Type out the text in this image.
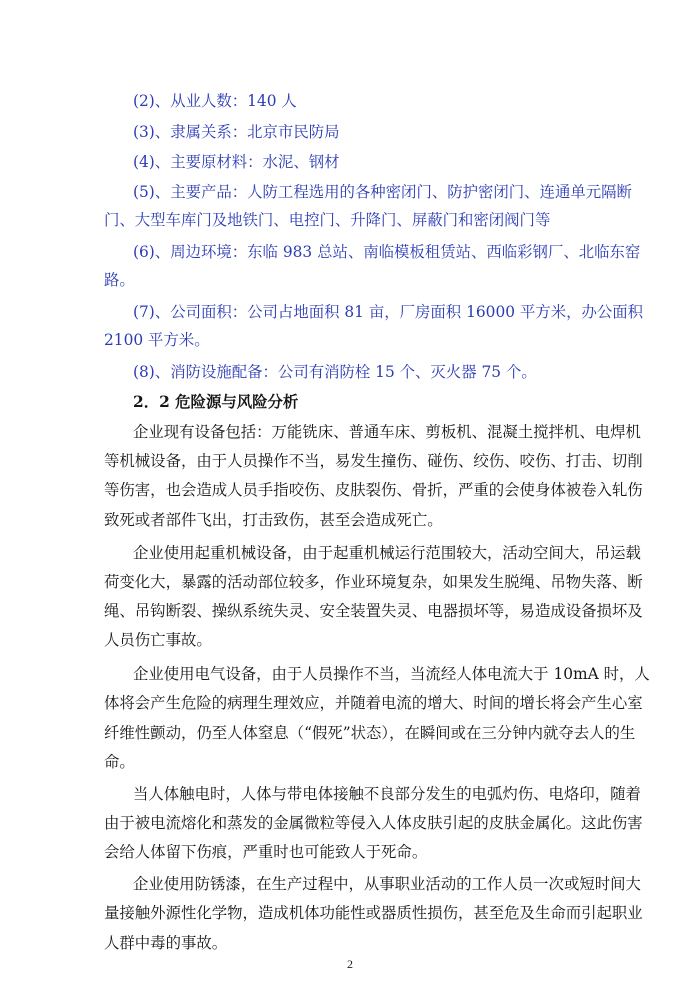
(2)、从业人数：140 人
(3)、隶属关系：北京市民防局
(4)、主要原材料：水泥、钢材
(5)、主要产品：人防工程选用的各种密闭门、防护密闭门、连通单元隔断
门、大型车库门及地铁门、电控门、升降门、屏蔽门和密闭阀门等
(6)、周边环境：东临 983 总站、南临模板租赁站、西临彩钢厂、北临东窑
路。
(7)、公司面积：公司占地面积 81 亩，厂房面积 16000 平方米，办公面积
2100 平方米。
(8)、消防设施配备：公司有消防栓 15 个、灭火器 75 个。
2．2 危险源与风险分析
企业现有设备包括：万能铣床、普通车床、剪板机、混凝土搅拌机、电焊机
等机械设备，由于人员操作不当，易发生撞伤、碰伤、绞伤、咬伤、打击、切削
等伤害，也会造成人员手指咬伤、皮肤裂伤、骨折，严重的会使身体被卷入轧伤
致死或者部件飞出，打击致伤，甚至会造成死亡。
企业使用起重机械设备，由于起重机械运行范围较大，活动空间大，吊运载
荷变化大，暴露的活动部位较多，作业环境复杂，如果发生脱绳、吊物失落、断
绳、吊钩断裂、操纵系统失灵、安全装置失灵、电器损坏等，易造成设备损坏及
人员伤亡事故。
企业使用电气设备，由于人员操作不当，当流经人体电流大于 10mA 时，人
体将会产生危险的病理生理效应，并随着电流的增大、时间的增长将会产生心室
纤维性颤动，仍至人体窒息（“假死”状态），在瞬间或在三分钟内就夺去人的生
命。
当人体触电时，人体与带电体接触不良部分发生的电弧灼伤、电烙印，随着
由于被电流熔化和蒸发的金属微粒等侵入人体皮肤引起的皮肤金属化。这此伤害
会给人体留下伤痕，严重时也可能致人于死命。
企业使用防锈漆，在生产过程中，从事职业活动的工作人员一次或短时间大
量接触外源性化学物，造成机体功能性或器质性损伤，甚至危及生命而引起职业
人群中毒的事故。
2
